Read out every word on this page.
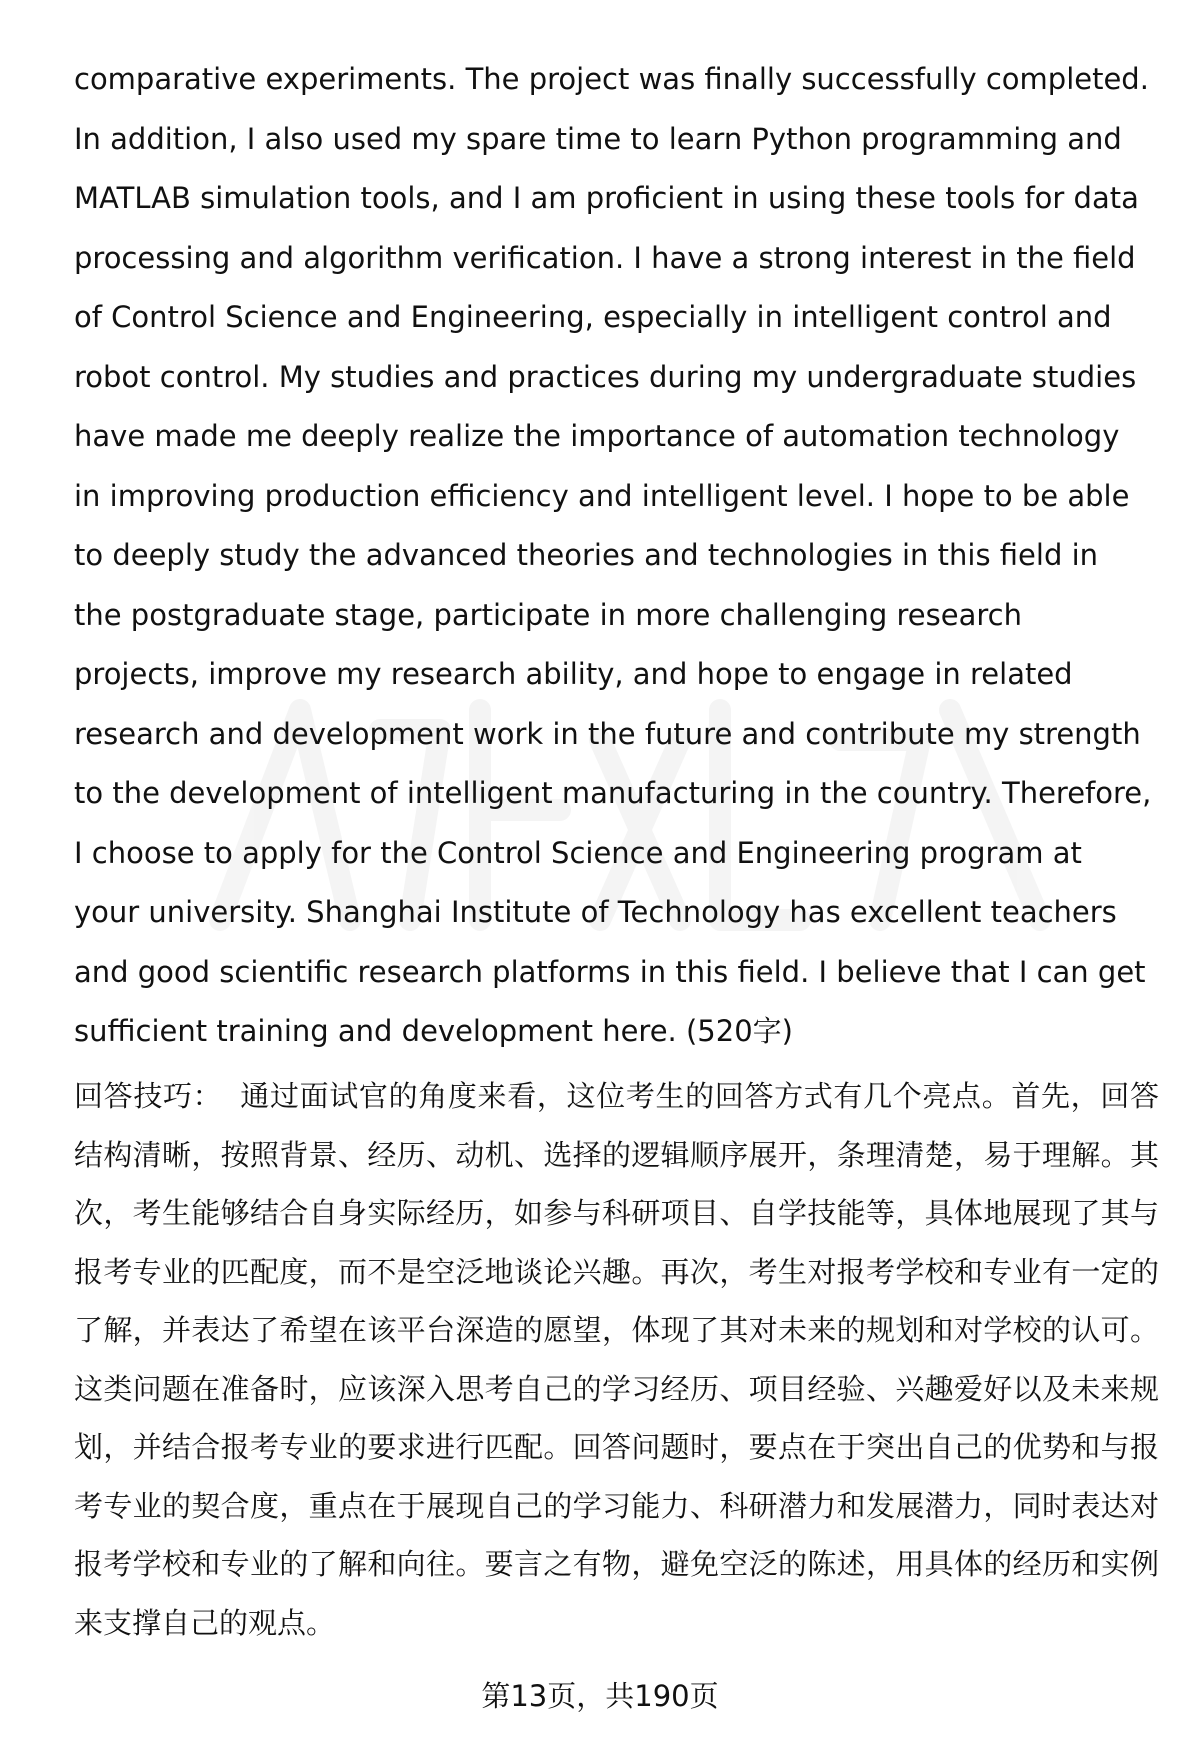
comparative experiments. The project was finally successfully completed. In addition, I also used my spare time to learn Python programming and MATLAB simulation tools, and I am proficient in using these tools for data processing and algorithm verification. I have a strong interest in the field of Control Science and Engineering, especially in intelligent control and robot control. My studies and practices during my undergraduate studies have made me deeply realize the importance of automation technology in improving production efficiency and intelligent level. I hope to be able to deeply study the advanced theories and technologies in this field in the postgraduate stage, participate in more challenging research projects, improve my research ability, and hope to engage in related research and development work in the future and contribute my strength to the development of intelligent manufacturing in the country. Therefore, I choose to apply for the Control Science and Engineering program at your university. Shanghai Institute of Technology has excellent teachers and good scientific research platforms in this field. I believe that I can get sufficient training and development here. (520字)

回答技巧： 通过面试官的角度来看，这位考生的回答方式有几个亮点。首先，回答结构清晰，按照背景、经历、动机、选择的逻辑顺序展开，条理清楚，易于理解。其次，考生能够结合自身实际经历，如参与科研项目、自学技能等，具体地展现了其与报考专业的匹配度，而不是空泛地谈论兴趣。再次，考生对报考学校和专业有一定的了解，并表达了希望在该平台深造的愿望，体现了其对未来的规划和对学校的认可。这类问题在准备时，应该深入思考自己的学习经历、项目经验、兴趣爱好以及未来规划，并结合报考专业的要求进行匹配。回答问题时，要点在于突出自己的优势和与报考专业的契合度，重点在于展现自己的学习能力、科研潜力和发展潜力，同时表达对报考学校和专业的了解和向往。要言之有物，避免空泛的陈述，用具体的经历和实例来支撑自己的观点。

第13页，共190页
